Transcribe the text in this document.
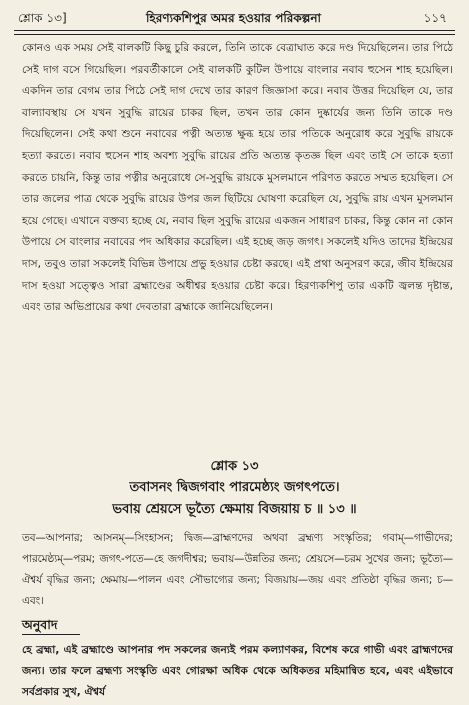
শ্লোক ১৩]	হিরণ্যকশিপুর অমর হওয়ার পরিকল্পনা	১১৭

কোনও এক সময় সেই বালকটি কিছু চুরি করলে, তিনি তাকে বেত্রাঘাত করে দণ্ড দিয়েছিলেন। তার পিঠে সেই দাগ বসে গিয়েছিল। পরবর্তীকালে সেই বালকটি কুটিল উপায়ে বাংলার নবাব হুসেন শাহ হয়েছিল। একদিন তার বেগম তার পিঠে সেই দাগ দেখে তার কারণ জিজ্ঞাসা করে। নবাব উত্তর দিয়েছিল যে, তার বাল্যাবস্থায় সে যখন সুবুদ্ধি রায়ের চাকর ছিল, তখন তার কোন দুষ্কার্যের জন্য তিনি তাকে দণ্ড দিয়েছিলেন। সেই কথা শুনে নবাবের পত্নী অত্যন্ত ক্ষুব্ধ হয়ে তার পতিকে অনুরোধ করে সুবুদ্ধি রায়কে হত্যা করতে। নবাব হুসেন শাহ অবশ্য সুবুদ্ধি রায়ের প্রতি অত্যন্ত কৃতজ্ঞ ছিল এবং তাই সে তাকে হত্যা করতে চায়নি, কিন্তু তার পত্নীর অনুরোধে সে-সুবুদ্ধি রায়কে মুসলমানে পরিণত করতে সম্মত হয়েছিল। সে তার জলের পাত্র থেকে সুবুদ্ধি রায়ের উপর জল ছিটিয়ে ঘোষণা করেছিল যে, সুবুদ্ধি রায় এখন মুসলমান হয়ে গেছে। এখানে বক্তব্য হচ্ছে যে, নবাব ছিল সুবুদ্ধি রায়ের একজন সাধারণ চাকর, কিন্তু কোন না কোন উপায়ে সে বাংলার নবাবের পদ অধিকার করেছিল। এই হচ্ছে জড় জগৎ। সকলেই যদিও তাদের ইন্দ্রিয়ের দাস, তবুও তারা সকলেই বিভিন্ন উপায়ে প্রভু হওয়ার চেষ্টা করছে। এই প্রথা অনুসরণ করে, জীব ইন্দ্রিয়ের দাস হওয়া সত্ত্বেও সারা ব্রহ্মাণ্ডের অধীশ্বর হওয়ার চেষ্টা করে। হিরণ্যকশিপু তার একটি জ্বলন্ত দৃষ্টান্ত, এবং তার অভিপ্রায়ের কথা দেবতারা ব্রহ্মাকে জানিয়েছিলেন।

শ্লোক ১৩
তবাসনং দ্বিজগবাং পারমেষ্ঠ্যং জগৎপতে।
ভবায় শ্রেয়সে ভূত্যৈ ক্ষেমায় বিজয়ায় চ ॥ ১৩ ॥

তব—আপনার; আসনম্—সিংহাসন; দ্বিজ—ব্রাহ্মণদের অথবা ব্রহ্মণ্য সংস্কৃতির; গবাম্—গাভীদের; পারমেষ্ঠ্যম্—পরম; জগৎ-পতে—হে জগদীশ্বর; ভবায়—উন্নতির জন্য; শ্রেয়সে—চরম সুখের জন্য; ভূত্যৈ—ঐশ্বর্য বৃদ্ধির জন্য; ক্ষেমায়—পালন এবং সৌভাগ্যের জন্য; বিজয়ায়—জয় এবং প্রতিষ্ঠা বৃদ্ধির জন্য; চ—এবং।

অনুবাদ

হে ব্রহ্মা, এই ব্রহ্মাণ্ডে আপনার পদ সকলের জন্যই পরম কল্যাণকর, বিশেষ করে গাভী এবং ব্রাহ্মণদের জন্য। তার ফলে ব্রহ্মণ্য সংস্কৃতি এবং গোরক্ষা অধিক থেকে অধিকতর মহিমান্বিত হবে, এবং এইভাবে সর্বপ্রকার সুখ, ঐশ্বর্য
